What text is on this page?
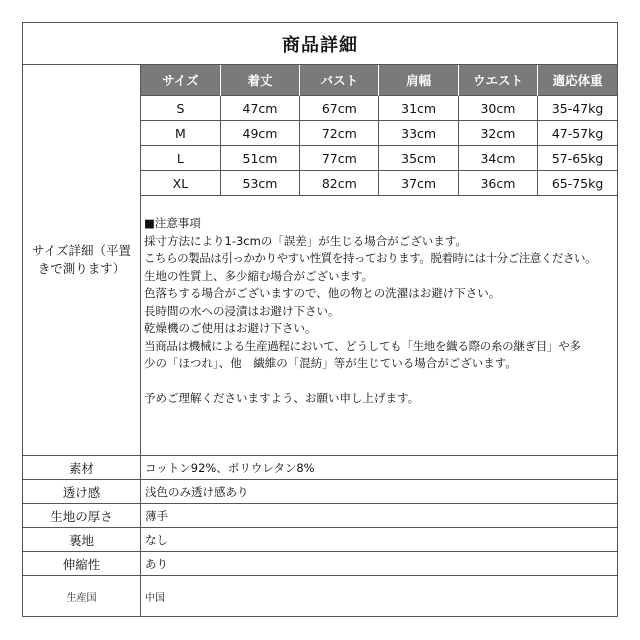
商品詳細
サイズ詳細（平置きで測ります）
サイズ	着丈	バスト	肩幅	ウエスト	適応体重
S	47cm	67cm	31cm	30cm	35-47kg
M	49cm	72cm	33cm	32cm	47-57kg
L	51cm	77cm	35cm	34cm	57-65kg
XL	53cm	82cm	37cm	36cm	65-75kg
■注意事項
採寸方法により1-3cmの「誤差」が生じる場合がございます。
こちらの製品は引っかかりやすい性質を持っております。脱着時には十分ご注意ください。
生地の性質上、多少縮む場合がございます。
色落ちする場合がございますので、他の物との洗濯はお避け下さい。
長時間の水への浸漬はお避け下さい。
乾燥機のご使用はお避け下さい。
当商品は機械による生産過程において、どうしても「生地を織る際の糸の継ぎ目」や多
少の「ほつれ」、他　繊維の「混紡」等が生じている場合がございます。
予めご理解くださいますよう、お願い申し上げます。
素材	コットン92%、ポリウレタン8%
透け感	浅色のみ透け感あり
生地の厚さ	薄手
裏地	なし
伸縮性	あり
生産国	中国
